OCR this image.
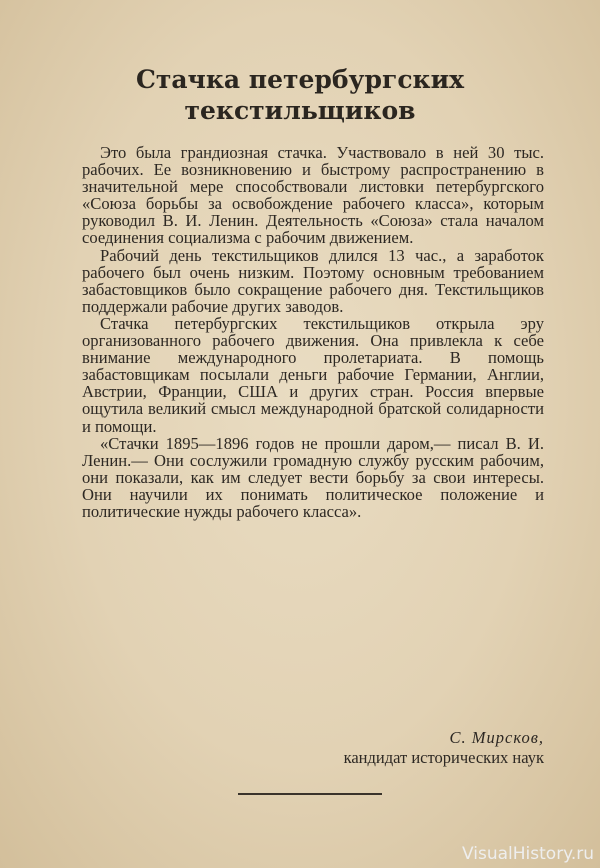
Стачка петербургских
текстильщиков

Это была грандиозная стачка. Участвовало в ней 30 тыс. рабочих. Ее возникновению и быстрому распространению в значительной мере способствовали листовки петербургского «Союза борьбы за освобождение рабочего класса», которым руководил В. И. Ленин. Деятельность «Союза» стала началом соединения социализма с рабочим движением.

Рабочий день текстильщиков длился 13 час., а заработок рабочего был очень низким. Поэтому основным требованием забастовщиков было сокращение рабочего дня. Текстильщиков поддержали рабочие других заводов.

Стачка петербургских текстильщиков открыла эру организованного рабочего движения. Она привлекла к себе внимание международного пролетариата. В помощь забастовщикам посылали деньги рабочие Германии, Англии, Австрии, Франции, США и других стран. Россия впервые ощутила великий смысл международной братской солидарности и помощи.

«Стачки 1895—1896 годов не прошли даром,— писал В. И. Ленин.— Они сослужили громадную службу русским рабочим, они показали, как им следует вести борьбу за свои интересы. Они научили их понимать политическое положение и политические нужды рабочего класса».

С. Мирсков,
кандидат исторических наук
VisualHistory.ru
